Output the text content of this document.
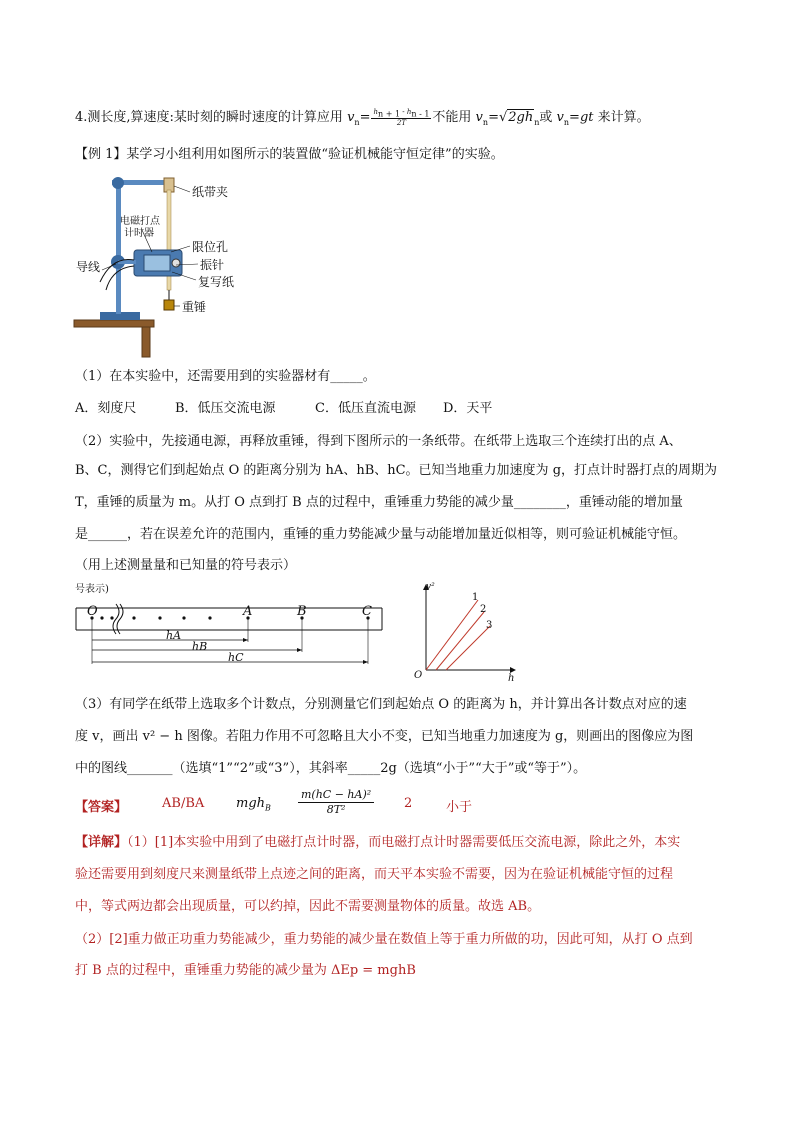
4.测长度,算速度:某时刻的瞬时速度的计算应用 $v_n= \frac{h_{n + 1} - h_{n - 1}}{2T}$ 不能用 $v_n=√2gh_n$或 $v_n=gt$ 来计算。
【例 1】某学习小组利用如图所示的装置做“验证机械能守恒定律”的实验。
纸带夹
电磁打点
计时器
限位孔
导线	振针
复写纸
重锤
（1）在本实验中，还需要用到的实验器材有_____。
A．刻度尺	B．低压交流电源	C．低压直流电源 D．天平
（2）实验中，先接通电源，再释放重锤，得到下图所示的一条纸带。在纸带上选取三个连续打出的点 A、
B、C，测得它们到起始点 O 的距离分别为 hA、hB、hC。已知当地重力加速度为 g，打点计时器打点的周期为
T，重锤的质量为 m。从打 O 点到打 B 点的过程中，重锤重力势能的减少量________，重锤动能的增加量
是______，若在误差允许的范围内，重锤的重力势能减少量与动能增加量近似相等，则可验证机械能守恒。
（用上述测量量和已知量的符号表示）
号表示)
O	A	B	C
hA
hB
hC
v²
h
O
1
2
3
（3）有同学在纸带上选取多个计数点，分别测量它们到起始点 O 的距离为 h，并计算出各计数点对应的速
度 v，画出 v² − h 图像。若阻力作用不可忽略且大小不变，已知当地重力加速度为 g，则画出的图像应为图
中的图线_______（选填“1”“2”或“3”），其斜率_____2g（选填“小于”“大于”或“等于”）。
【答案】	AB/BA $mgh_B \frac{\text{m(hC − hA)²}}{\text{8T²}} 2$	小于
【详解】（1）[1]本实验中用到了电磁打点计时器，而电磁打点计时器需要低压交流电源，除此之外，本实
验还需要用到刻度尺来测量纸带上点迹之间的距离，而天平本实验不需要，因为在验证机械能守恒的过程
中，等式两边都会出现质量，可以约掉，因此不需要测量物体的质量。故选 AB。
（2）[2]重力做正功重力势能减少，重力势能的减少量在数值上等于重力所做的功，因此可知，从打 O 点到
打 B 点的过程中，重锤重力势能的减少量为 ΔEp = mghB
